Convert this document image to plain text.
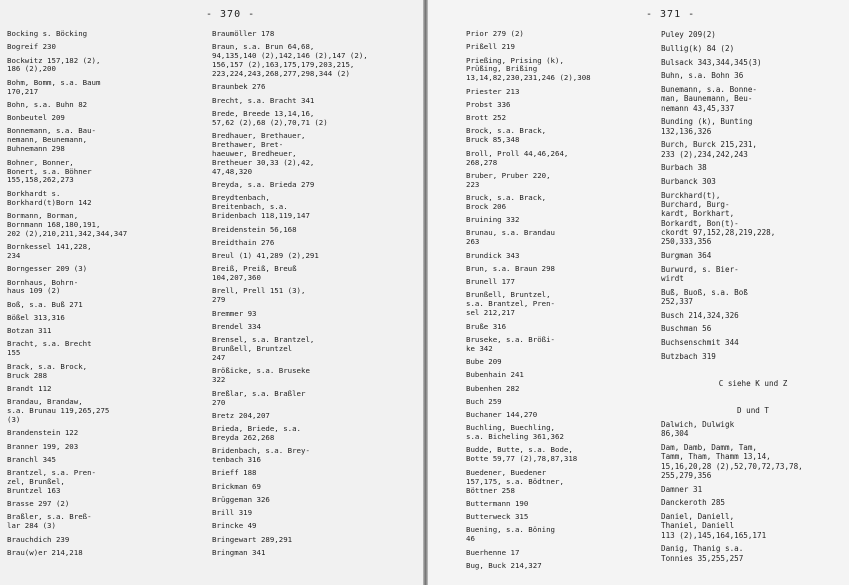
- 370 -
Bocking s. Böcking
Bogreif 230
Bockwitz 157,182 (2),
186 (2),200
Bohm, Bomm, s.a. Baum
170,217
Bohn, s.a. Buhn 82
Bonbeutel 209
Bonnemann, s.a. Bau-
nemann, Beunemann,
Buhnemann 298
Bohner, Bonner,
Bonert, s.a. Böhner
155,158,262,273
Borkhardt s.
Borkhard(t)Born 142
Bormann, Borman,
Bornmann 168,180,191,
202 (2),210,211,342,344,347
Bornkessel 141,228,
234
Borngesser 209 (3)
Bornhaus, Bohrn-
haus 109 (2)
Boß, s.a. Buß 271
Bößel 313,316
Botzan 311
Bracht, s.a. Brecht
155
Brack, s.a. Brock,
Bruck 288
Brandt 112
Brandau, Brandaw,
s.a. Brunau 119,265,275
(3)
Brandenstein 122
Branner 199, 203
Branchl 345
Brantzel, s.a. Pren-
zel, Brunßel,
Bruntzel 163
Brasse 297 (2)
Braßler, s.a. Breß-
lar 284 (3)
Brauchdich 239
Brau(w)er 214,218
Braumöller 178
Braun, s.a. Brun 64,68,
94,135,140 (2),142,146 (2),147 (2),
156,157 (2),163,175,179,203,215,
223,224,243,268,277,298,344 (2)
Braunbek 276
Brecht, s.a. Bracht 341
Brede, Breede 13,14,16,
57,62 (2),68 (2),70,71 (2)
Bredhauer, Brethauer,
Brethawer, Bret-
haeuwer, Bredheuer,
Bretheuer 30,33 (2),42,
47,48,320
Breyda, s.a. Brieda 279
Breydtenbach,
Breitenbach, s.a.
Bridenbach 118,119,147
Breidenstein 56,168
Breidthain 276
Breul (1) 41,289 (2),291
Breiß, Preiß, Breuß
104,207,360
Brell, Prell 151 (3),
279
Bremmer 93
Brendel 334
Brensel, s.a. Brantzel,
Brunßell, Bruntzel
247
Brößicke, s.a. Bruseke
322
Breßlar, s.a. Braßler
270
Bretz 204,207
Brieda, Briede, s.a.
Breyda 262,268
Bridenbach, s.a. Brey-
tenbach 316
Brieff 188
Brickman 69
Brüggeman 326
Brill 319
Brincke 49
Bringewart 289,291
Bringman 341
- 371 -
Prior 279 (2)
Prißell 219
Prießing, Prising (k),
Prüßing, Brißing
13,14,82,230,231,246 (2),308
Priester 213
Probst 336
Brott 252
Brock, s.a. Brack,
Bruck 85,348
Broll, Proll 44,46,264,
268,278
Bruber, Pruber 220,
223
Bruck, s.a. Brack,
Brock 206
Bruining 332
Brunau, s.a. Brandau
263
Brundick 343
Brun, s.a. Braun 298
Brunell 177
Brunßell, Bruntzel,
s.a. Brantzel, Pren-
sel 212,217
Bruße 316
Bruseke, s.a. Brößi-
ke 342
Bube 209
Bubenhain 241
Bubenhen 282
Buch 259
Buchaner 144,270
Buchling, Buechling,
s.a. Bicheling 361,362
Budde, Butte, s.a. Bode,
Botte 59,77 (2),78,87,318
Buedener, Buedener
157,175, s.a. Bödtner,
Böttner 258
Buttermann 190
Butterweck 315
Buening, s.a. Böning
46
Buerhenne 17
Bug, Buck 214,327
Puley 209(2)
Bullig(k) 84 (2)
Bulsack 343,344,345(3)
Buhn, s.a. Bohn 36
Bunemann, s.a. Bonne-
man, Baunemann, Beu-
nemann 43,45,337
Bunding (k), Bunting
132,136,326
Burch, Burck 215,231,
233 (2),234,242,243
Burbach 38
Burbanck 303
Burckhard(t),
Burchard, Burg-
kardt, Borkhart,
Borkardt, Bon(t)-
ckordt 97,152,28,219,228,
250,333,356
Burgman 364
Burwurd, s. Bier-
wirdt
Buß, Buoß, s.a. Boß
252,337
Busch 214,324,326
Buschman 56
Buchsenschmit 344
Butzbach 319
C siehe K und Z
D und T
Dalwich, Dulwigk
86,304
Dam, Damb, Damm, Tam,
Tamm, Tham, Thamm 13,14,
15,16,20,28 (2),52,70,72,73,78,
255,279,356
Damner 31
Danckeroth 285
Daniel, Daniell,
Thaniel, Daniell
113 (2),145,164,165,171
Danig, Thanig s.a.
Tonnies 35,255,257
